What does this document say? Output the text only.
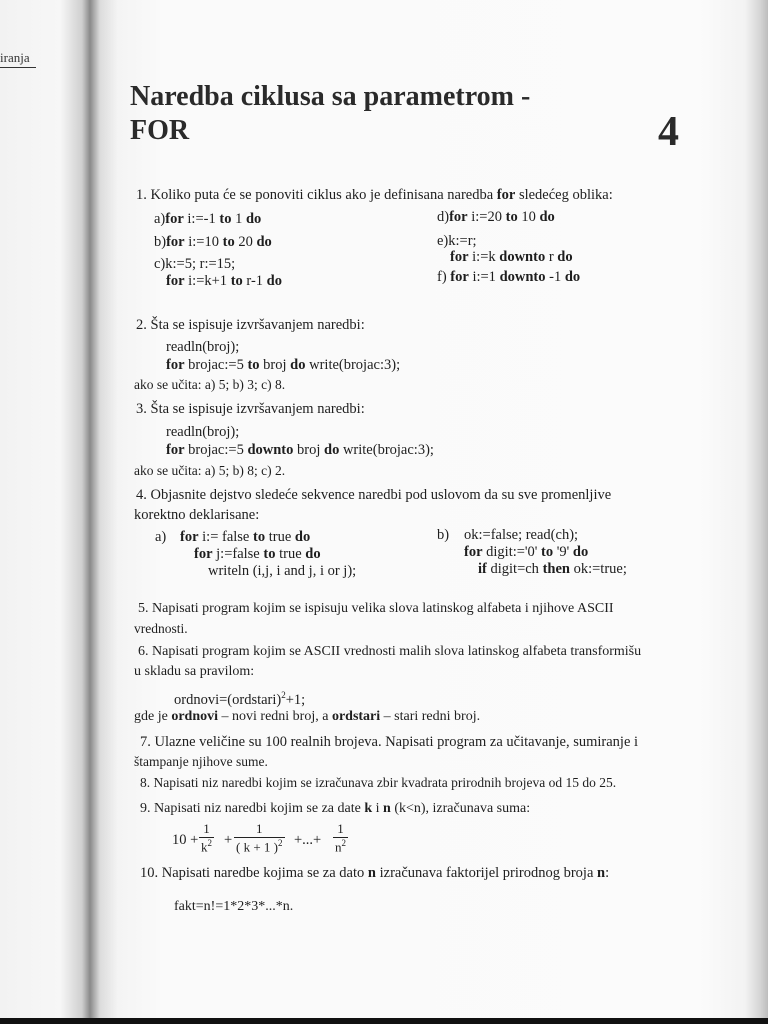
iranja
Naredba ciklusa sa parametrom -
FOR	4
1. Koliko puta će se ponoviti ciklus ako je definisana naredba for sledećeg oblika:
a)for i:=-1 to 1 do
b)for i:=10 to 20 do
c)k:=5; r:=15;
for i:=k+1 to r-1 do
d)for i:=20 to 10 do
e)k:=r;
for i:=k downto r do
f) for i:=1 downto -1 do
2. Šta se ispisuje izvršavanjem naredbi:
readln(broj);
for brojac:=5 to broj do write(brojac:3);
ako se učita: a) 5; b) 3; c) 8.
3. Šta se ispisuje izvršavanjem naredbi:
readln(broj);
for brojac:=5 downto broj do write(brojac:3);
ako se učita: a) 5; b) 8; c) 2.
4. Objasnite dejstvo sledeće sekvence naredbi pod uslovom da su sve promenljive
korektno deklarisane:
a) for i:= false to true do
for j:=false to true do
writeln (i,j, i and j, i or j);
b) ok:=false; read(ch);
for digit:='0' to '9' do
if digit=ch then ok:=true;
5. Napisati program kojim se ispisuju velika slova latinskog alfabeta i njihove ASCII
vrednosti.
6. Napisati program kojim se ASCII vrednosti malih slova latinskog alfabeta transformišu
u skladu sa pravilom:
ordnovi=(ordstari)$^2$+1;
gde je ordnovi – novi redni broj, a ordstari – stari redni broj.
7. Ulazne veličine su 100 realnih brojeva. Napisati program za učitavanje, sumiranje i
štampanje njihove sume.
8. Napisati niz naredbi kojim se izračunava zbir kvadrata prirodnih brojeva od 15 do 25.
9. Napisati niz naredbi kojim se za date k i n (k<n), izračunava suma:
$10 + \frac{1}{k^2} + \frac{1}{( k + 1 )^2}$ +...+ $\frac{1}{n^2}$
10. Napisati naredbe kojima se za dato n izračunava faktorijel prirodnog broja n:
fakt=n!=1*2*3*...*n.
